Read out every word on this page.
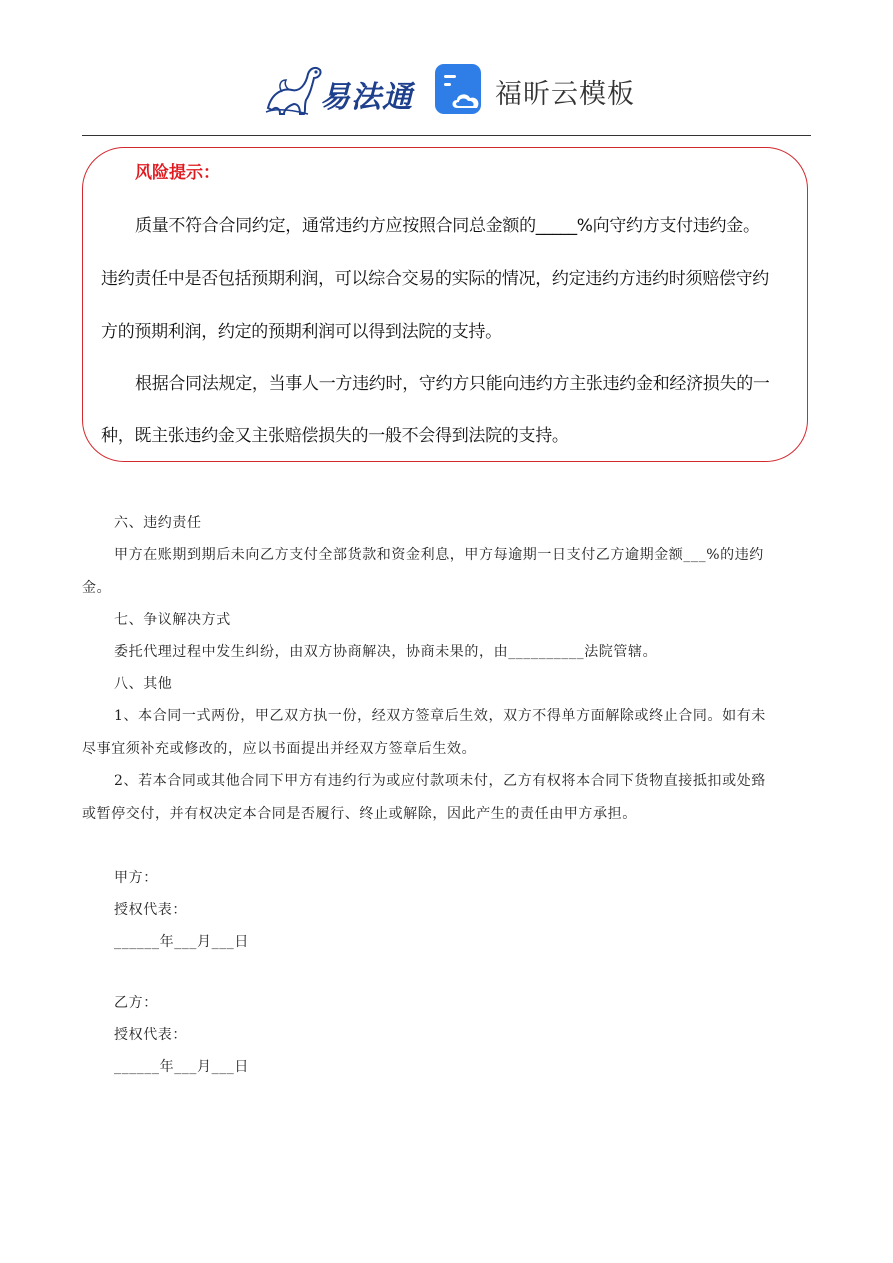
易法通	福昕云模板
风险提示：
质量不符合合同约定，通常违约方应按照合同总金额的_____%向守约方支付违约金。
违约责任中是否包括预期利润，可以综合交易的实际的情况，约定违约方违约时须赔偿守约
方的预期利润，约定的预期利润可以得到法院的支持。
根据合同法规定，当事人一方违约时，守约方只能向违约方主张违约金和经济损失的一
种，既主张违约金又主张赔偿损失的一般不会得到法院的支持。
六、违约责任
甲方在账期到期后未向乙方支付全部货款和资金利息，甲方每逾期一日支付乙方逾期金额___%的违约
金。
七、争议解决方式
委托代理过程中发生纠纷，由双方协商解决，协商未果的，由__________法院管辖。
八、其他
1、本合同一式两份，甲乙双方执一份，经双方签章后生效，双方不得单方面解除或终止合同。如有未
尽事宜须补充或修改的，应以书面提出并经双方签章后生效。
2、若本合同或其他合同下甲方有违约行为或应付款项未付，乙方有权将本合同下货物直接抵扣或处臵
或暂停交付，并有权决定本合同是否履行、终止或解除，因此产生的责任由甲方承担。
甲方：
授权代表：
______年___月___日
乙方：
授权代表：
______年___月___日
